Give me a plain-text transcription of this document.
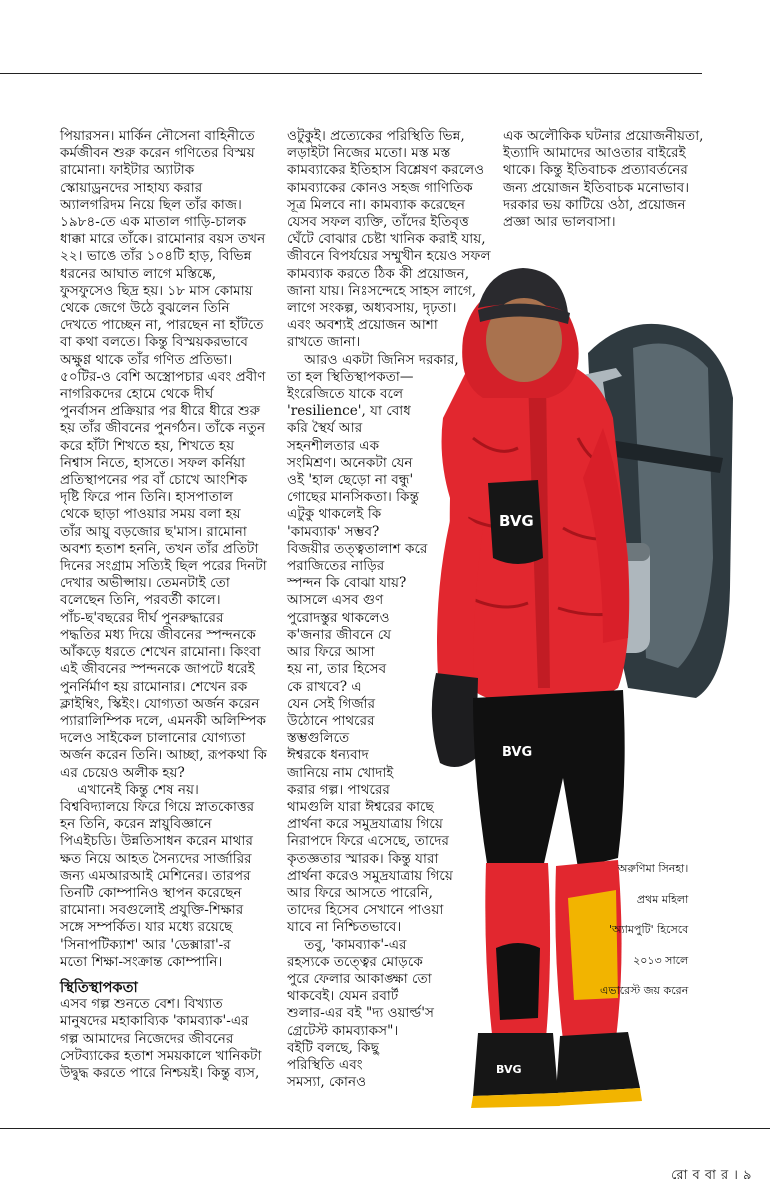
পিয়ারসন। মার্কিন নৌসেনা বাহিনীতে

কর্মজীবন শুরু করেন গণিতের বিস্ময়

রামোনা। ফাইটার অ্যাটাক

স্কোয়াড্রনদের সাহায্য করার

অ্যালগরিদম নিয়ে ছিল তাঁর কাজ।

১৯৮৪-তে এক মাতাল গাড়ি-চালক

ধাক্কা মারে তাঁকে। রামোনার বয়স তখন

২২। ভাঙে তাঁর ১০৪টি হাড়, বিভিন্ন

ধরনের আঘাত লাগে মস্তিষ্কে,

ফুসফুসেও ছিদ্র হয়। ১৮ মাস কোমায়

থেকে জেগে উঠে বুঝলেন তিনি

দেখতে পাচ্ছেন না, পারছেন না হাঁটতে

বা কথা বলতে। কিন্তু বিস্ময়করভাবে

অক্ষুণ্ণ থাকে তাঁর গণিত প্রতিভা।

৫০টির-ও বেশি অস্ত্রোপচার এবং প্রবীণ

নাগরিকদের হোমে থেকে দীর্ঘ

পুনর্বাসন প্রক্রিয়ার পর ধীরে ধীরে শুরু

হয় তাঁর জীবনের পুনর্গঠন। তাঁকে নতুন

করে হাঁটা শিখতে হয়, শিখতে হয়

নিশ্বাস নিতে, হাসতে। সফল কর্নিয়া

প্রতিস্থাপনের পর বাঁ চোখে আংশিক

দৃষ্টি ফিরে পান তিনি। হাসপাতাল

থেকে ছাড়া পাওয়ার সময় বলা হয়

তাঁর আয়ু বড়জোর ছ'মাস। রামোনা

অবশ্য হতাশ হননি, তখন তাঁর প্রতিটা

দিনের সংগ্রাম সত্যিই ছিল পরের দিনটা

দেখার অভীপ্সায়। তেমনটাই তো

বলেছেন তিনি, পরবর্তী কালে।

পাঁচ-ছ'বছরের দীর্ঘ পুনরুদ্ধারের

পদ্ধতির মধ্য দিয়ে জীবনের স্পন্দনকে

আঁকড়ে ধরতে শেখেন রামোনা। কিংবা

এই জীবনের স্পন্দনকে জাপটে ধরেই

পুনর্নির্মাণ হয় রামোনার। শেখেন রক

ক্লাইম্বিং, স্কিইং। যোগ্যতা অর্জন করেন

প্যারালিম্পিক দলে, এমনকী অলিম্পিক

দলেও সাইকেল চালানোর যোগ্যতা

অর্জন করেন তিনি। আচ্ছা, রূপকথা কি

এর চেয়েও অলীক হয়?

এখানেই কিন্তু শেষ নয়।

বিশ্ববিদ্যালয়ে ফিরে গিয়ে স্নাতকোত্তর

হন তিনি, করেন স্নায়ুবিজ্ঞানে

পিএইচডি। উন্নতিসাধন করেন মাথার

ক্ষত নিয়ে আহত সৈন্যদের সার্জারির

জন্য এমআরআই মেশিনের। তারপর

তিনটি কোম্পানিও স্থাপন করেছেন

রামোনা। সবগুলোই প্রযুক্তি-শিক্ষার

সঙ্গে সম্পর্কিত। যার মধ্যে রয়েছে

'সিনাপটিক্যাশ' আর 'ডেক্সারা'-র

মতো শিক্ষা-সংক্রান্ত কোম্পানি।

স্থিতিস্থাপকতা

এসব গল্প শুনতে বেশ। বিখ্যাত

মানুষদের মহাকাব্যিক 'কামব্যাক'-এর

গল্প আমাদের নিজেদের জীবনের

সেটব্যাকের হতাশ সময়কালে খানিকটা

উদ্বুদ্ধ করতে পারে নিশ্চয়ই। কিন্তু ব্যস,

এক অলৌকিক ঘটনার প্রয়োজনীয়তা,

ইত্যাদি আমাদের আওতার বাইরেই

থাকে। কিন্তু ইতিবাচক প্রত্যাবর্তনের

জন্য প্রয়োজন ইতিবাচক মনোভাব।

দরকার ভয় কাটিয়ে ওঠা, প্রয়োজন

প্রজ্ঞা আর ভালবাসা।

BVG
BVG
BVG

ওটুকুই। প্রত্যেকের পরিস্থিতি ভিন্ন,

লড়াইটা নিজের মতো। মস্ত মস্ত

কামব্যাকের ইতিহাস বিশ্লেষণ করলেও

কামব্যাকের কোনও সহজ গাণিতিক

সূত্র মিলবে না। কামব্যাক করেছেন

যেসব সফল ব্যক্তি, তাঁদের ইতিবৃত্ত

ঘেঁটে বোঝার চেষ্টা খানিক করাই যায়,

জীবনে বিপর্যয়ের সম্মুখীন হয়েও সফল

কামব্যাক করতে ঠিক কী প্রয়োজন,

জানা যায়। নিঃসন্দেহে সাহস লাগে,

লাগে সংকল্প, অধ্যবসায়, দৃঢ়তা।

এবং অবশ্যই প্রয়োজন আশা

রাখতে জানা।

আরও একটা জিনিস দরকার,

তা হল স্থিতিস্থাপকতা—

ইংরেজিতে যাকে বলে

'resilience', যা বোধ

করি স্থৈর্য আর

সহনশীলতার এক

সংমিশ্রণ। অনেকটা যেন

ওই 'হাল ছেড়ো না বন্ধু'

গোছের মানসিকতা। কিন্তু

এটুকু থাকলেই কি

'কামব্যাক' সম্ভব?

বিজয়ীর তত্ত্বতালাশ করে

পরাজিতের নাড়ির

স্পন্দন কি বোঝা যায়?

আসলে এসব গুণ

পুরোদস্তুর থাকলেও

ক'জনার জীবনে যে

আর ফিরে আসা

হয় না, তার হিসেব

কে রাখবে? এ

যেন সেই গির্জার

উঠোনে পাথরের

স্তম্ভগুলিতে

ঈশ্বরকে ধন্যবাদ

জানিয়ে নাম খোদাই

করার গল্প। পাথরের

থামগুলি যারা ঈশ্বরের কাছে

প্রার্থনা করে সমুদ্রযাত্রায় গিয়ে

নিরাপদে ফিরে এসেছে, তাদের

কৃতজ্ঞতার স্মারক। কিন্তু যারা

প্রার্থনা করেও সমুদ্রযাত্রায় গিয়ে

আর ফিরে আসতে পারেনি,

তাদের হিসেব সেখানে পাওয়া

যাবে না নিশ্চিতভাবে।

তবু, 'কামব্যাক'-এর

রহস্যকে তত্ত্বের মোড়কে

পুরে ফেলার আকাঙ্ক্ষা তো

থাকবেই। যেমন রবার্ট

শুলার-এর বই "দ্য ওয়ার্ল্ড'স

গ্রেটেস্ট কামব্যাকস"।

বইটি বলছে, কিছু

পরিস্থিতি এবং

সমস্যা, কোনও

অরুণিমা সিনহা।

প্রথম মহিলা

'অ্যামপুটি' হিসেবে

২০১৩ সালে

এভারেস্ট জয় করেন

রো ব বা র । ৯
